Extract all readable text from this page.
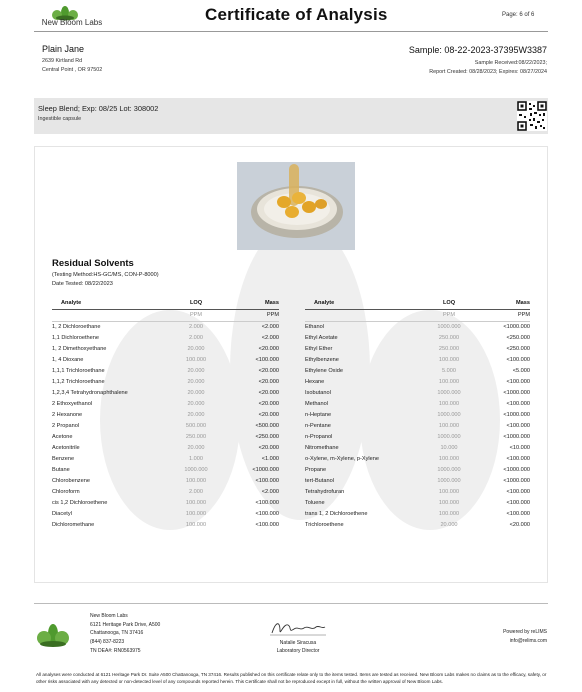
New Bloom Labs	Certificate of Analysis	Page: 6 of 6
Plain Jane
2639 Kirtland Rd
Central Point , OR 97502
Sample: 08-22-2023-37395W3387
Sample Received:08/22/2023;
Report Created: 08/28/2023; Expires: 08/27/2024
Sleep Blend; Exp: 08/25 Lot: 308002
Ingestible capsule
Residual Solvents
(Testing Method:HS-GC/MS, CON-P-8000)
Date Tested: 08/22/2023
Analyte	LOQ	Mass
	PPM	PPM
1, 2 Dichloroethane	2.000	<2.000
1,1 Dichloroethene	2.000	<2.000
1, 2 Dimethoxyethane	20.000	<20.000
1, 4 Dioxane	100.000	<100.000
1,1,1 Trichloroethane	20.000	<20.000
1,1,2 Trichloroethane	20.000	<20.000
1,2,3,4 Tetrahydronaphthalene	20.000	<20.000
2 Ethoxyethanol	20.000	<20.000
2 Hexanone	20.000	<20.000
2 Propanol	500.000	<500.000
Acetone	250.000	<250.000
Acetonitrile	20.000	<20.000
Benzene	1.000	<1.000
Butane	1000.000	<1000.000
Chlorobenzene	100.000	<100.000
Chloroform	2.000	<2.000
cis 1,2 Dichloroethene	100.000	<100.000
Diacetyl	100.000	<100.000
Dichloromethane	100.000	<100.000
Analyte	LOQ	Mass
	PPM	PPM
Ethanol	1000.000	<1000.000
Ethyl Acetate	250.000	<250.000
Ethyl Ether	250.000	<250.000
Ethylbenzene	100.000	<100.000
Ethylene Oxide	5.000	<5.000
Hexane	100.000	<100.000
Isobutanol	1000.000	<1000.000
Methanol	100.000	<100.000
n-Heptane	1000.000	<1000.000
n-Pentane	100.000	<100.000
n-Propanol	1000.000	<1000.000
Nitromethane	10.000	<10.000
o-Xylene, m-Xylene, p-Xylene	100.000	<100.000
Propane	1000.000	<1000.000
tert-Butanol	1000.000	<1000.000
Tetrahydrofuran	100.000	<100.000
Toluene	100.000	<100.000
trans 1, 2 Dichloroethene	100.000	<100.000
Trichloroethene	20.000	<20.000
New Bloom Labs
6121 Heritage Park Drive, A500
Chattanooga, TN 37416
(844) 837-8223
TN DEA#: RN0563975
Natalie Siracusa
Laboratory Director
Powered by reLIMS
info@relims.com
All analyses were conducted at 6121 Heritage Park Dr. Suite A500 Chattanooga, TN 37416. Results published on this certificate relate only to the items tested. Items are tested as received. New Bloom Labs makes no claims as to the efficacy, safety, or other risks associated with any detected or non-detected level of any compounds reported herein. This Certificate shall not be reproduced except in full, without the written approval of New Bloom Labs.
